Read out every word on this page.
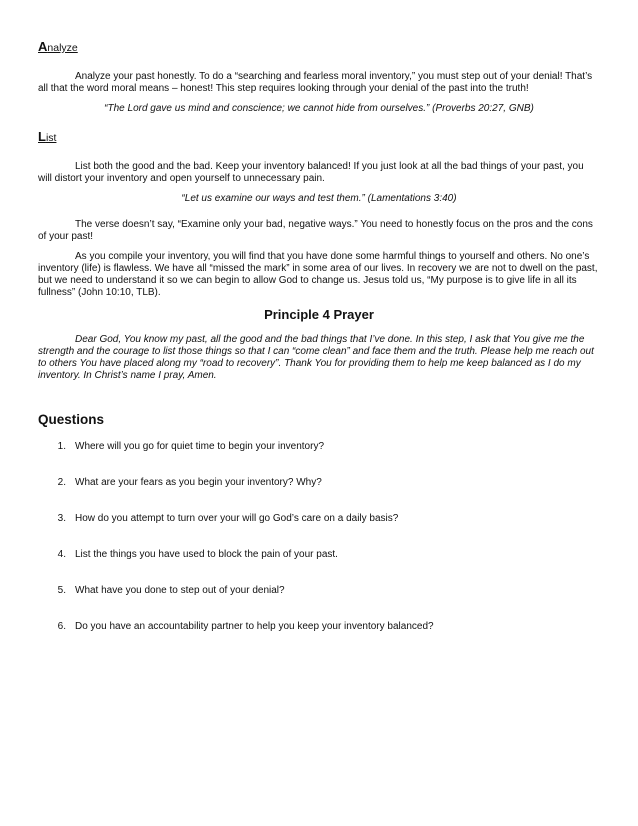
Analyze

Analyze your past honestly. To do a “searching and fearless moral inventory,” you must step out of your denial! That’s all that the word moral means – honest! This step requires looking through your denial of the past into the truth!

“The Lord gave us mind and conscience; we cannot hide from ourselves.” (Proverbs 20:27, GNB)

List

List both the good and the bad. Keep your inventory balanced! If you just look at all the bad things of your past, you will distort your inventory and open yourself to unnecessary pain.

“Let us examine our ways and test them.” (Lamentations 3:40)

The verse doesn’t say, “Examine only your bad, negative ways.” You need to honestly focus on the pros and the cons of your past!

As you compile your inventory, you will find that you have done some harmful things to yourself and others. No one’s inventory (life) is flawless. We have all “missed the mark” in some area of our lives. In recovery we are not to dwell on the past, but we need to understand it so we can begin to allow God to change us. Jesus told us, “My purpose is to give life in all its fullness” (John 10:10, TLB).

Principle 4 Prayer

Dear God, You know my past, all the good and the bad things that I’ve done. In this step, I ask that You give me the strength and the courage to list those things so that I can “come clean” and face them and the truth. Please help me reach out to others You have placed along my “road to recovery”. Thank You for providing them to help me keep balanced as I do my inventory. In Christ’s name I pray, Amen.

Questions
1. Where will you go for quiet time to begin your inventory?
2. What are your fears as you begin your inventory? Why?
3. How do you attempt to turn over your will go God’s care on a daily basis?
4. List the things you have used to block the pain of your past.
5. What have you done to step out of your denial?
6. Do you have an accountability partner to help you keep your inventory balanced?
